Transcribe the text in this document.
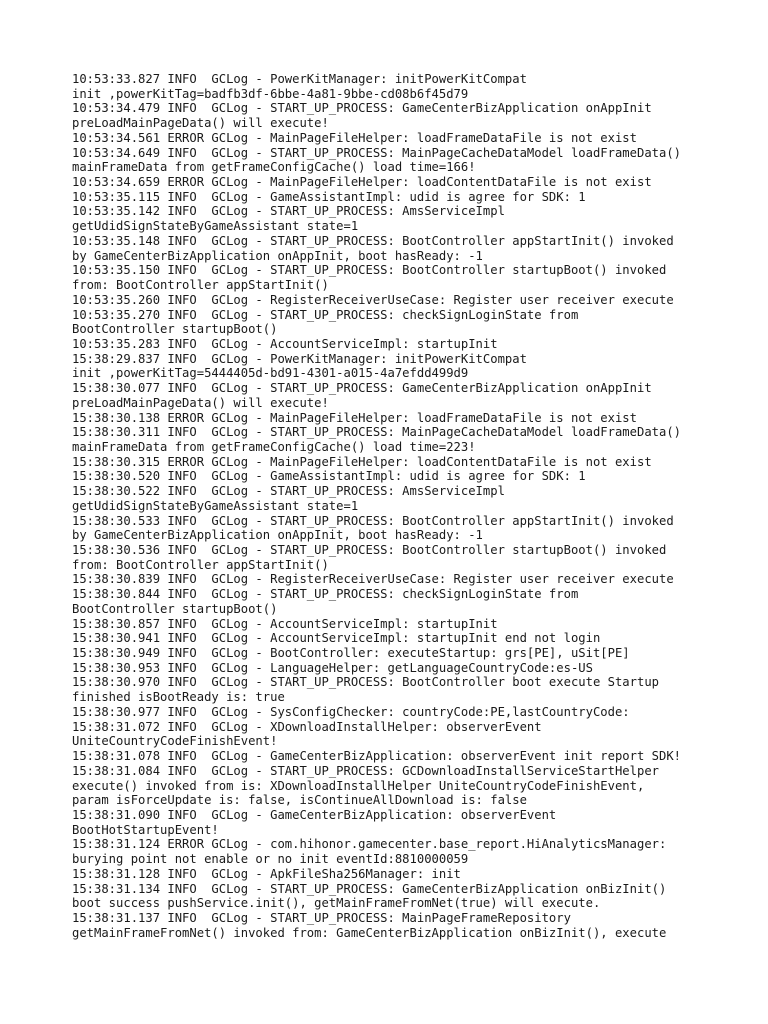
10:53:33.827 INFO  GCLog - PowerKitManager: initPowerKitCompat
init ,powerKitTag=badfb3df-6bbe-4a81-9bbe-cd08b6f45d79
10:53:34.479 INFO  GCLog - START_UP_PROCESS: GameCenterBizApplication onAppInit
preLoadMainPageData() will execute!
10:53:34.561 ERROR GCLog - MainPageFileHelper: loadFrameDataFile is not exist
10:53:34.649 INFO  GCLog - START_UP_PROCESS: MainPageCacheDataModel loadFrameData()
mainFrameData from getFrameConfigCache() load time=166!
10:53:34.659 ERROR GCLog - MainPageFileHelper: loadContentDataFile is not exist
10:53:35.115 INFO  GCLog - GameAssistantImpl: udid is agree for SDK: 1
10:53:35.142 INFO  GCLog - START_UP_PROCESS: AmsServiceImpl
getUdidSignStateByGameAssistant state=1
10:53:35.148 INFO  GCLog - START_UP_PROCESS: BootController appStartInit() invoked
by GameCenterBizApplication onAppInit, boot hasReady: -1
10:53:35.150 INFO  GCLog - START_UP_PROCESS: BootController startupBoot() invoked
from: BootController appStartInit()
10:53:35.260 INFO  GCLog - RegisterReceiverUseCase: Register user receiver execute
10:53:35.270 INFO  GCLog - START_UP_PROCESS: checkSignLoginState from
BootController startupBoot()
10:53:35.283 INFO  GCLog - AccountServiceImpl: startupInit
15:38:29.837 INFO  GCLog - PowerKitManager: initPowerKitCompat
init ,powerKitTag=5444405d-bd91-4301-a015-4a7efdd499d9
15:38:30.077 INFO  GCLog - START_UP_PROCESS: GameCenterBizApplication onAppInit
preLoadMainPageData() will execute!
15:38:30.138 ERROR GCLog - MainPageFileHelper: loadFrameDataFile is not exist
15:38:30.311 INFO  GCLog - START_UP_PROCESS: MainPageCacheDataModel loadFrameData()
mainFrameData from getFrameConfigCache() load time=223!
15:38:30.315 ERROR GCLog - MainPageFileHelper: loadContentDataFile is not exist
15:38:30.520 INFO  GCLog - GameAssistantImpl: udid is agree for SDK: 1
15:38:30.522 INFO  GCLog - START_UP_PROCESS: AmsServiceImpl
getUdidSignStateByGameAssistant state=1
15:38:30.533 INFO  GCLog - START_UP_PROCESS: BootController appStartInit() invoked
by GameCenterBizApplication onAppInit, boot hasReady: -1
15:38:30.536 INFO  GCLog - START_UP_PROCESS: BootController startupBoot() invoked
from: BootController appStartInit()
15:38:30.839 INFO  GCLog - RegisterReceiverUseCase: Register user receiver execute
15:38:30.844 INFO  GCLog - START_UP_PROCESS: checkSignLoginState from
BootController startupBoot()
15:38:30.857 INFO  GCLog - AccountServiceImpl: startupInit
15:38:30.941 INFO  GCLog - AccountServiceImpl: startupInit end not login
15:38:30.949 INFO  GCLog - BootController: executeStartup: grs[PE], uSit[PE]
15:38:30.953 INFO  GCLog - LanguageHelper: getLanguageCountryCode:es-US
15:38:30.970 INFO  GCLog - START_UP_PROCESS: BootController boot execute Startup
finished isBootReady is: true
15:38:30.977 INFO  GCLog - SysConfigChecker: countryCode:PE,lastCountryCode:
15:38:31.072 INFO  GCLog - XDownloadInstallHelper: observerEvent
UniteCountryCodeFinishEvent!
15:38:31.078 INFO  GCLog - GameCenterBizApplication: observerEvent init report SDK!
15:38:31.084 INFO  GCLog - START_UP_PROCESS: GCDownloadInstallServiceStartHelper
execute() invoked from is: XDownloadInstallHelper UniteCountryCodeFinishEvent,
param isForceUpdate is: false, isContinueAllDownload is: false
15:38:31.090 INFO  GCLog - GameCenterBizApplication: observerEvent
BootHotStartupEvent!
15:38:31.124 ERROR GCLog - com.hihonor.gamecenter.base_report.HiAnalyticsManager:
burying point not enable or no init eventId:8810000059
15:38:31.128 INFO  GCLog - ApkFileSha256Manager: init
15:38:31.134 INFO  GCLog - START_UP_PROCESS: GameCenterBizApplication onBizInit()
boot success pushService.init(), getMainFrameFromNet(true) will execute.
15:38:31.137 INFO  GCLog - START_UP_PROCESS: MainPageFrameRepository
getMainFrameFromNet() invoked from: GameCenterBizApplication onBizInit(), execute
